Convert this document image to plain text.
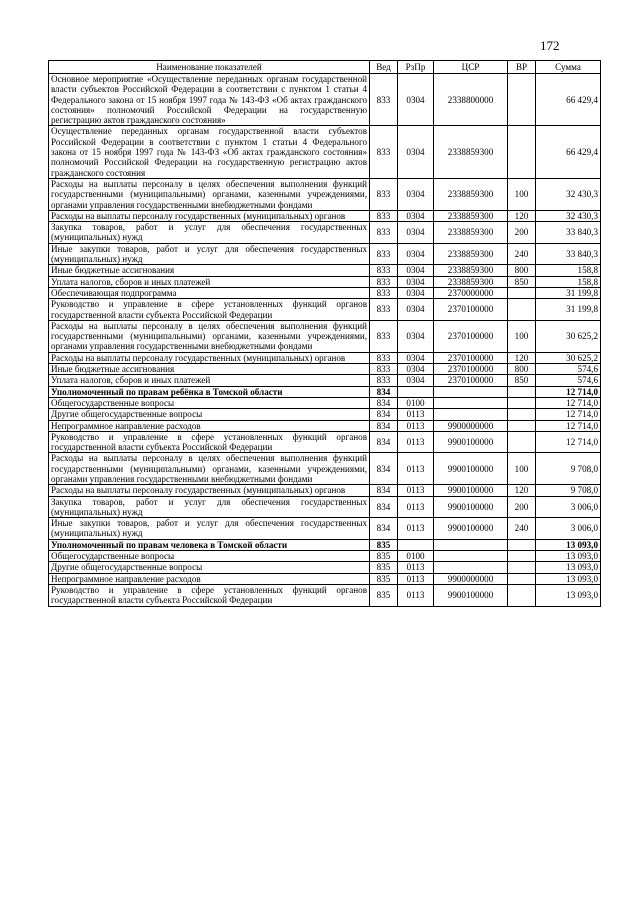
172
Наименование показателей	Вед	РзПр	ЦСР	ВР	Сумма
Основное мероприятие «Осуществление переданных органам государственной власти субъектов Российской Федерации в соответствии с пунктом 1 статьи 4 Федерального закона от 15 ноября 1997 года № 143-ФЗ «Об актах гражданского состояния» полномочий Российской Федерации на государственную регистрацию актов гражданского состояния»	833	0304	2338800000		66 429,4
Осуществление переданных органам государственной власти субъектов Российской Федерации в соответствии с пунктом 1 статьи 4 Федерального закона от 15 ноября 1997 года № 143-ФЗ «Об актах гражданского состояния» полномочий Российской Федерации на государственную регистрацию актов гражданского состояния	833	0304	2338859300		66 429,4
Расходы на выплаты персоналу в целях обеспечения выполнения функций государственными (муниципальными) органами, казенными учреждениями, органами управления государственными внебюджетными фондами	833	0304	2338859300	100	32 430,3
Расходы на выплаты персоналу государственных (муниципальных) органов	833	0304	2338859300	120	32 430,3
Закупка товаров, работ и услуг для обеспечения государственных (муниципальных) нужд	833	0304	2338859300	200	33 840,3
Иные закупки товаров, работ и услуг для обеспечения государственных (муниципальных) нужд	833	0304	2338859300	240	33 840,3
Иные бюджетные ассигнования	833	0304	2338859300	800	158,8
Уплата налогов, сборов и иных платежей	833	0304	2338859300	850	158,8
Обеспечивающая подпрограмма	833	0304	2370000000		31 199,8
Руководство и управление в сфере установленных функций органов государственной власти субъекта Российской Федерации	833	0304	2370100000		31 199,8
Расходы на выплаты персоналу в целях обеспечения выполнения функций государственными (муниципальными) органами, казенными учреждениями, органами управления государственными внебюджетными фондами	833	0304	2370100000	100	30 625,2
Расходы на выплаты персоналу государственных (муниципальных) органов	833	0304	2370100000	120	30 625,2
Иные бюджетные ассигнования	833	0304	2370100000	800	574,6
Уплата налогов, сборов и иных платежей	833	0304	2370100000	850	574,6
Уполномоченный по правам ребёнка в Томской области	834				12 714,0
Общегосударственные вопросы	834	0100			12 714,0
Другие общегосударственные вопросы	834	0113			12 714,0
Непрограммное направление расходов	834	0113	9900000000		12 714,0
Руководство и управление в сфере установленных функций органов государственной власти субъекта Российской Федерации	834	0113	9900100000		12 714,0
Расходы на выплаты персоналу в целях обеспечения выполнения функций государственными (муниципальными) органами, казенными учреждениями, органами управления государственными внебюджетными фондами	834	0113	9900100000	100	9 708,0
Расходы на выплаты персоналу государственных (муниципальных) органов	834	0113	9900100000	120	9 708,0
Закупка товаров, работ и услуг для обеспечения государственных (муниципальных) нужд	834	0113	9900100000	200	3 006,0
Иные закупки товаров, работ и услуг для обеспечения государственных (муниципальных) нужд	834	0113	9900100000	240	3 006,0
Уполномоченный по правам человека в Томской области	835				13 093,0
Общегосударственные вопросы	835	0100			13 093,0
Другие общегосударственные вопросы	835	0113			13 093,0
Непрограммное направление расходов	835	0113	9900000000		13 093,0
Руководство и управление в сфере установленных функций органов государственной власти субъекта Российской Федерации	835	0113	9900100000		13 093,0
